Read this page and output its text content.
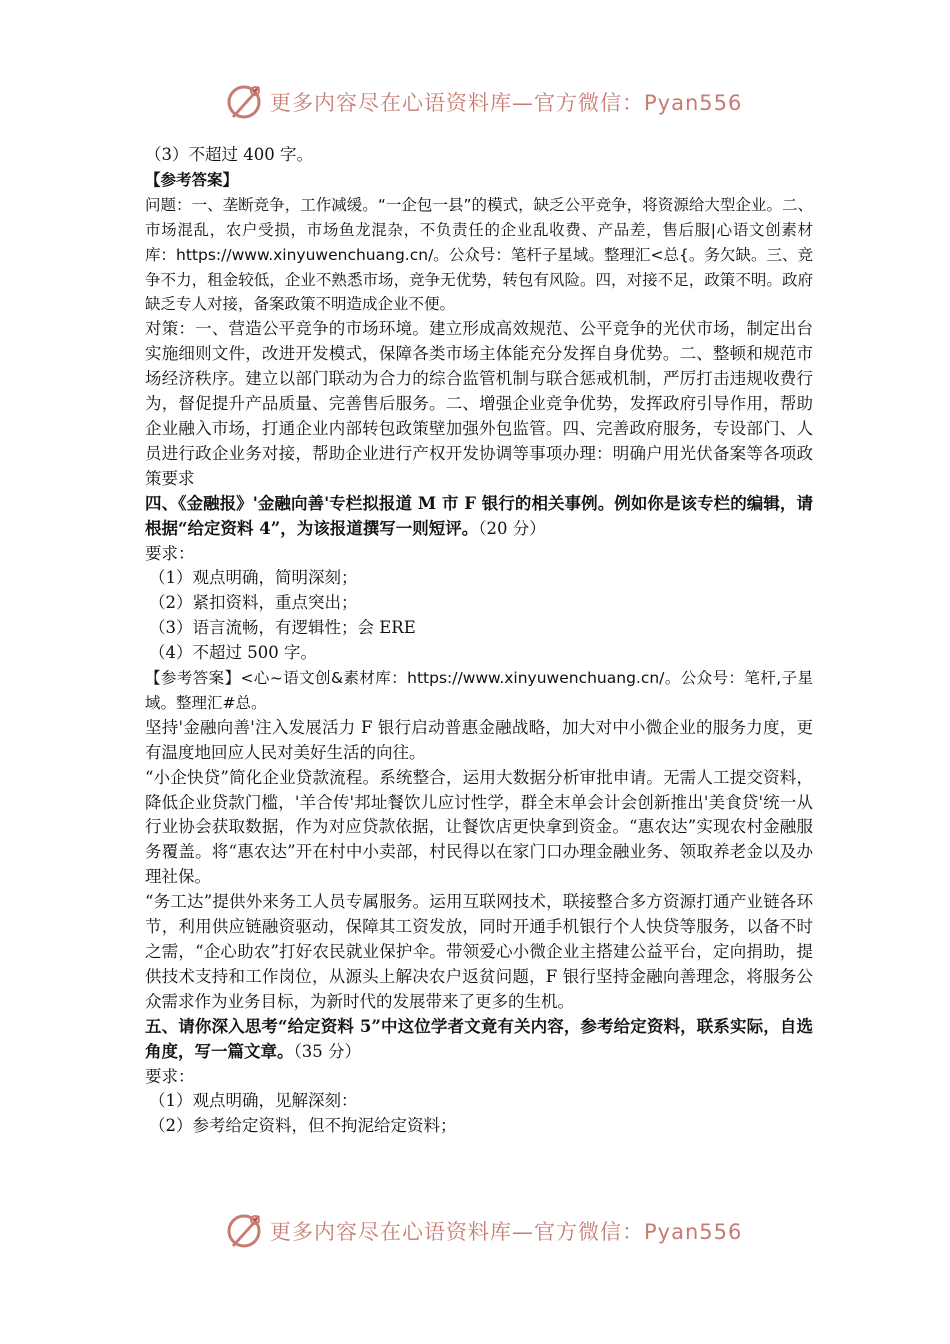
更多内容尽在心语资料库—官方微信：Pyan556

（3）不超过 400 字。

【参考答案】

问题：一、垄断竞争，工作减缓。“一企包一县”的模式，缺乏公平竞争，将资源给大型企业。二、市场混乱，农户受损，市场鱼龙混杂，不负责任的企业乱收费、产品差，售后服|心语文创素材库：https://www.xinyuwenchuang.cn/。公众号：笔杆子星域。整理汇<总{。务欠缺。三、竞争不力，租金较低，企业不熟悉市场，竞争无优势，转包有风险。四，对接不足，政策不明。政府缺乏专人对接，备案政策不明造成企业不便。

对策：一、营造公平竞争的市场环境。建立形成高效规范、公平竞争的光伏市场，制定出台实施细则文件，改进开发模式，保障各类市场主体能充分发挥自身优势。二、整顿和规范市场经济秩序。建立以部门联动为合力的综合监管机制与联合惩戒机制，严厉打击违规收费行为，督促提升产品质量、完善售后服务。二、增强企业竞争优势，发挥政府引导作用，帮助企业融入市场，打通企业内部转包政策壁加强外包监管。四、完善政府服务，专设部门、人员进行政企业务对接，帮助企业进行产权开发协调等事项办理：明确户用光伏备案等各项政策要求

四、《金融报》'金融向善'专栏拟报道 M 市 F 银行的相关事例。例如你是该专栏的编辑，请根据“给定资料 4”，为该报道撰写一则短评。（20 分）

要求：

（1）观点明确，简明深刻；

（2）紧扣资料，重点突出；

（3）语言流畅，有逻辑性；会 ERE

（4）不超过 500 字。

【参考答案】<心~语文创&素材库：https://www.xinyuwenchuang.cn/。公众号：笔杆,子星域。整理汇#总。

坚持'金融向善'注入发展活力 F 银行启动普惠金融战略，加大对中小微企业的服务力度，更有温度地回应人民对美好生活的向往。

“小企快贷”简化企业贷款流程。系统整合，运用大数据分析审批申请。无需人工提交资料，降低企业贷款门槛，'羊合传'邦址餐饮儿应讨性学，群全末单会计会创新推出'美食贷'统一从行业协会获取数据，作为对应贷款依据，让餐饮店更快拿到资金。“惠农达”实现农村金融服务覆盖。将“惠农达”开在村中小卖部，村民得以在家门口办理金融业务、领取养老金以及办理社保。

“务工达”提供外来务工人员专属服务。运用互联网技术，联接整合多方资源打通产业链各环节，利用供应链融资驱动，保障其工资发放，同时开通手机银行个人快贷等服务，以备不时之需，“企心助农”打好农民就业保护伞。带领爱心小微企业主搭建公益平台，定向捐助，提供技术支持和工作岗位，从源头上解决农户返贫问题，F 银行坚持金融向善理念，将服务公众需求作为业务目标，为新时代的发展带来了更多的生机。

五、请你深入思考“给定资料 5”中这位学者文竟有关内容，参考给定资料，联系实际，自选角度，写一篇文章。（35 分）

要求：

（1）观点明确，见解深刻：

（2）参考给定资料，但不拘泥给定资料；

更多内容尽在心语资料库—官方微信：Pyan556
